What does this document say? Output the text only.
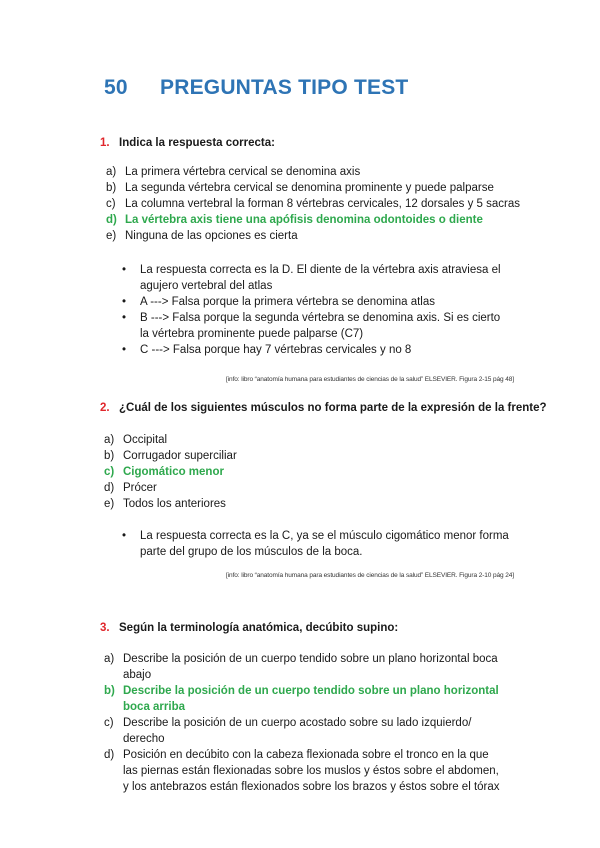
50 PREGUNTAS TIPO TEST
1. Indica la respuesta correcta:
a) La primera vértebra cervical se denomina axis
b) La segunda vértebra cervical se denomina prominente y puede palparse
c) La columna vertebral la forman 8 vértebras cervicales, 12 dorsales y 5 sacras
d) La vértebra axis tiene una apófisis denomina odontoides o diente
e) Ninguna de las opciones es cierta
• La respuesta correcta es la D. El diente de la vértebra axis atraviesa el agujero vertebral del atlas
• A ---> Falsa porque la primera vértebra se denomina atlas
• B ---> Falsa porque la segunda vértebra se denomina axis. Si es cierto la vértebra prominente puede palparse (C7)
• C ---> Falsa porque hay 7 vértebras cervicales y no 8
[info: libro “anatomía humana para estudiantes de ciencias de la salud” ELSEVIER. Figura 2-15 pág 48]
2. ¿Cuál de los siguientes músculos no forma parte de la expresión de la frente?
a) Occipital
b) Corrugador superciliar
c) Cigomático menor
d) Prócer
e) Todos los anteriores
• La respuesta correcta es la C, ya se el músculo cigomático menor forma parte del grupo de los músculos de la boca.
[info: libro “anatomía humana para estudiantes de ciencias de la salud” ELSEVIER. Figura 2-10 pág 24]
3. Según la terminología anatómica, decúbito supino:
a) Describe la posición de un cuerpo tendido sobre un plano horizontal boca abajo
b) Describe la posición de un cuerpo tendido sobre un plano horizontal boca arriba
c) Describe la posición de un cuerpo acostado sobre su lado izquierdo/ derecho
d) Posición en decúbito con la cabeza flexionada sobre el tronco en la que las piernas están flexionadas sobre los muslos y éstos sobre el abdomen, y los antebrazos están flexionados sobre los brazos y éstos sobre el tórax
